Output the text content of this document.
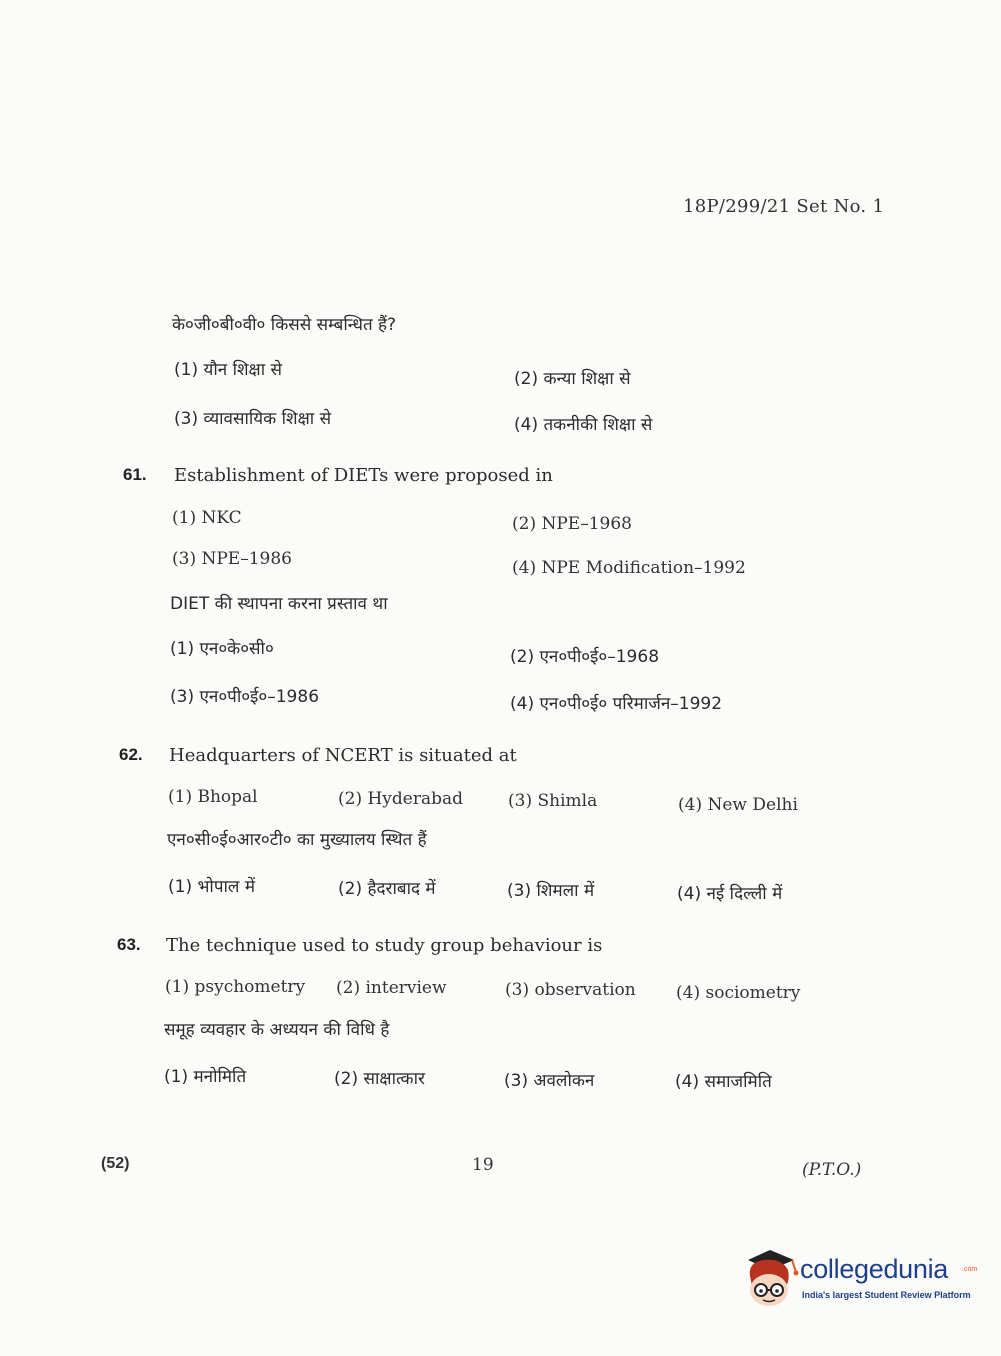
18P/299/21 Set No. 1
के०जी०बी०वी० किससे सम्बन्धित हैं?
(1) यौन शिक्षा से	(2) कन्या शिक्षा से
(3) व्यावसायिक शिक्षा से	(4) तकनीकी शिक्षा से
61. Establishment of DIETs were proposed in
(1) NKC	(2) NPE–1968
(3) NPE–1986	(4) NPE Modification–1992
DIET की स्थापना करना प्रस्ताव था
(1) एन०के०सी०	(2) एन०पी०ई०–1968
(3) एन०पी०ई०–1986	(4) एन०पी०ई० परिमार्जन–1992
62. Headquarters of NCERT is situated at
(1) Bhopal	(2) Hyderabad	(3) Shimla	(4) New Delhi
एन०सी०ई०आर०टी० का मुख्यालय स्थित हैं
(1) भोपाल में	(2) हैदराबाद में	(3) शिमला में	(4) नई दिल्ली में
63. The technique used to study group behaviour is
(1) psychometry (2) interview	(3) observation (4) sociometry
समूह व्यवहार के अध्ययन की विधि है
(1) मनोमिति	(2) साक्षात्कार	(3) अवलोकन	(4) समाजमिति
(52)	19	(P.T.O.)
collegedunia .com
India's largest Student Review Platform
